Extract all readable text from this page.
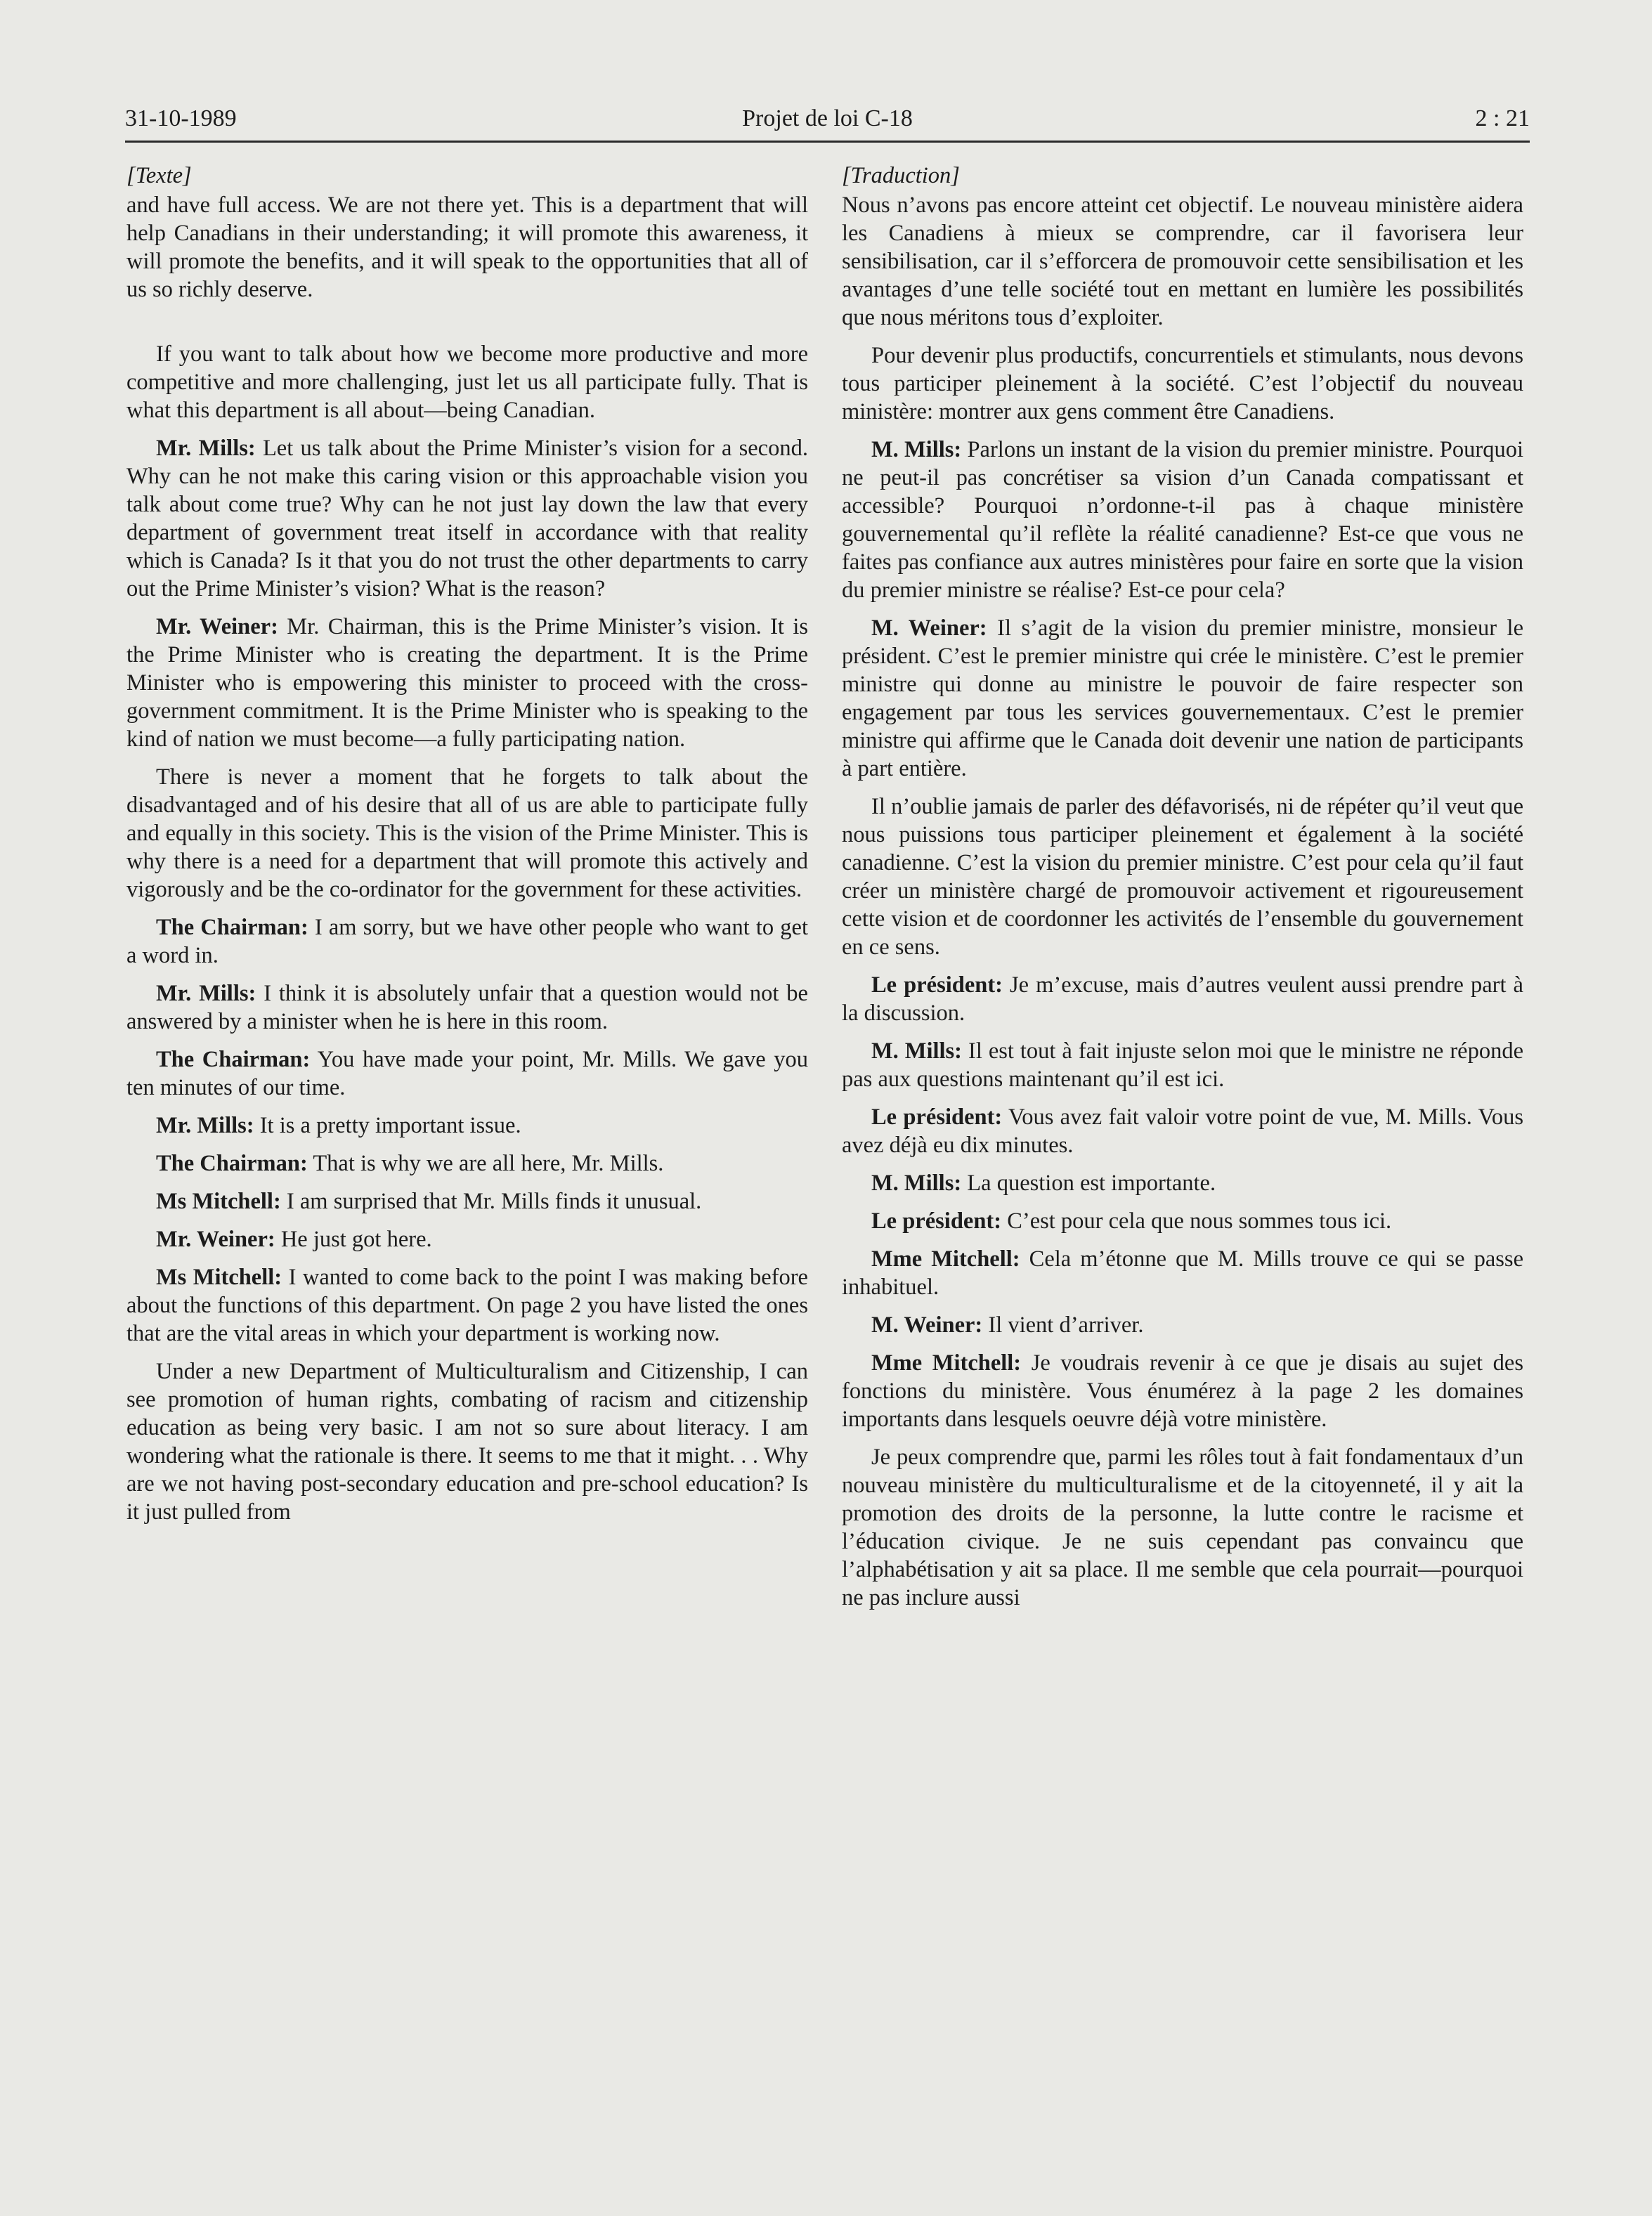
31-10-1989	Projet de loi C-18	2 : 21
[Texte]

and have full access. We are not there yet. This is a department that will help Canadians in their understanding; it will promote this awareness, it will promote the benefits, and it will speak to the opportunities that all of us so richly deserve.

If you want to talk about how we become more productive and more competitive and more challenging, just let us all participate fully. That is what this department is all about—being Canadian.

Mr. Mills: Let us talk about the Prime Minister’s vision for a second. Why can he not make this caring vision or this approachable vision you talk about come true? Why can he not just lay down the law that every department of government treat itself in accordance with that reality which is Canada? Is it that you do not trust the other departments to carry out the Prime Minister’s vision? What is the reason?

Mr. Weiner: Mr. Chairman, this is the Prime Minister’s vision. It is the Prime Minister who is creating the department. It is the Prime Minister who is empowering this minister to proceed with the cross-government commitment. It is the Prime Minister who is speaking to the kind of nation we must become—a fully participating nation.

There is never a moment that he forgets to talk about the disadvantaged and of his desire that all of us are able to participate fully and equally in this society. This is the vision of the Prime Minister. This is why there is a need for a department that will promote this actively and vigorously and be the co-ordinator for the government for these activities.

The Chairman: I am sorry, but we have other people who want to get a word in.

Mr. Mills: I think it is absolutely unfair that a question would not be answered by a minister when he is here in this room.

The Chairman: You have made your point, Mr. Mills. We gave you ten minutes of our time.

Mr. Mills: It is a pretty important issue.

The Chairman: That is why we are all here, Mr. Mills.

Ms Mitchell: I am surprised that Mr. Mills finds it unusual.

Mr. Weiner: He just got here.

Ms Mitchell: I wanted to come back to the point I was making before about the functions of this department. On page 2 you have listed the ones that are the vital areas in which your department is working now.

Under a new Department of Multiculturalism and Citizenship, I can see promotion of human rights, combating of racism and citizenship education as being very basic. I am not so sure about literacy. I am wondering what the rationale is there. It seems to me that it might. . . Why are we not having post-secondary education and pre-school education? Is it just pulled from

[Traduction]

Nous n’avons pas encore atteint cet objectif. Le nouveau ministère aidera les Canadiens à mieux se comprendre, car il favorisera leur sensibilisation, car il s’efforcera de promouvoir cette sensibilisation et les avantages d’une telle société tout en mettant en lumière les possibilités que nous méritons tous d’exploiter.

Pour devenir plus productifs, concurrentiels et stimulants, nous devons tous participer pleinement à la société. C’est l’objectif du nouveau ministère: montrer aux gens comment être Canadiens.

M. Mills: Parlons un instant de la vision du premier ministre. Pourquoi ne peut-il pas concrétiser sa vision d’un Canada compatissant et accessible? Pourquoi n’ordonne-t-il pas à chaque ministère gouvernemental qu’il reflète la réalité canadienne? Est-ce que vous ne faites pas confiance aux autres ministères pour faire en sorte que la vision du premier ministre se réalise? Est-ce pour cela?

M. Weiner: Il s’agit de la vision du premier ministre, monsieur le président. C’est le premier ministre qui crée le ministère. C’est le premier ministre qui donne au ministre le pouvoir de faire respecter son engagement par tous les services gouvernementaux. C’est le premier ministre qui affirme que le Canada doit devenir une nation de participants à part entière.

Il n’oublie jamais de parler des défavorisés, ni de répéter qu’il veut que nous puissions tous participer pleinement et également à la société canadienne. C’est la vision du premier ministre. C’est pour cela qu’il faut créer un ministère chargé de promouvoir activement et rigoureusement cette vision et de coordonner les activités de l’ensemble du gouvernement en ce sens.

Le président: Je m’excuse, mais d’autres veulent aussi prendre part à la discussion.

M. Mills: Il est tout à fait injuste selon moi que le ministre ne réponde pas aux questions maintenant qu’il est ici.

Le président: Vous avez fait valoir votre point de vue, M. Mills. Vous avez déjà eu dix minutes.

M. Mills: La question est importante.

Le président: C’est pour cela que nous sommes tous ici.

Mme Mitchell: Cela m’étonne que M. Mills trouve ce qui se passe inhabituel.

M. Weiner: Il vient d’arriver.

Mme Mitchell: Je voudrais revenir à ce que je disais au sujet des fonctions du ministère. Vous énumérez à la page 2 les domaines importants dans lesquels oeuvre déjà votre ministère.

Je peux comprendre que, parmi les rôles tout à fait fondamentaux d’un nouveau ministère du multiculturalisme et de la citoyenneté, il y ait la promotion des droits de la personne, la lutte contre le racisme et l’éducation civique. Je ne suis cependant pas convaincu que l’alphabétisation y ait sa place. Il me semble que cela pourrait—pourquoi ne pas inclure aussi
